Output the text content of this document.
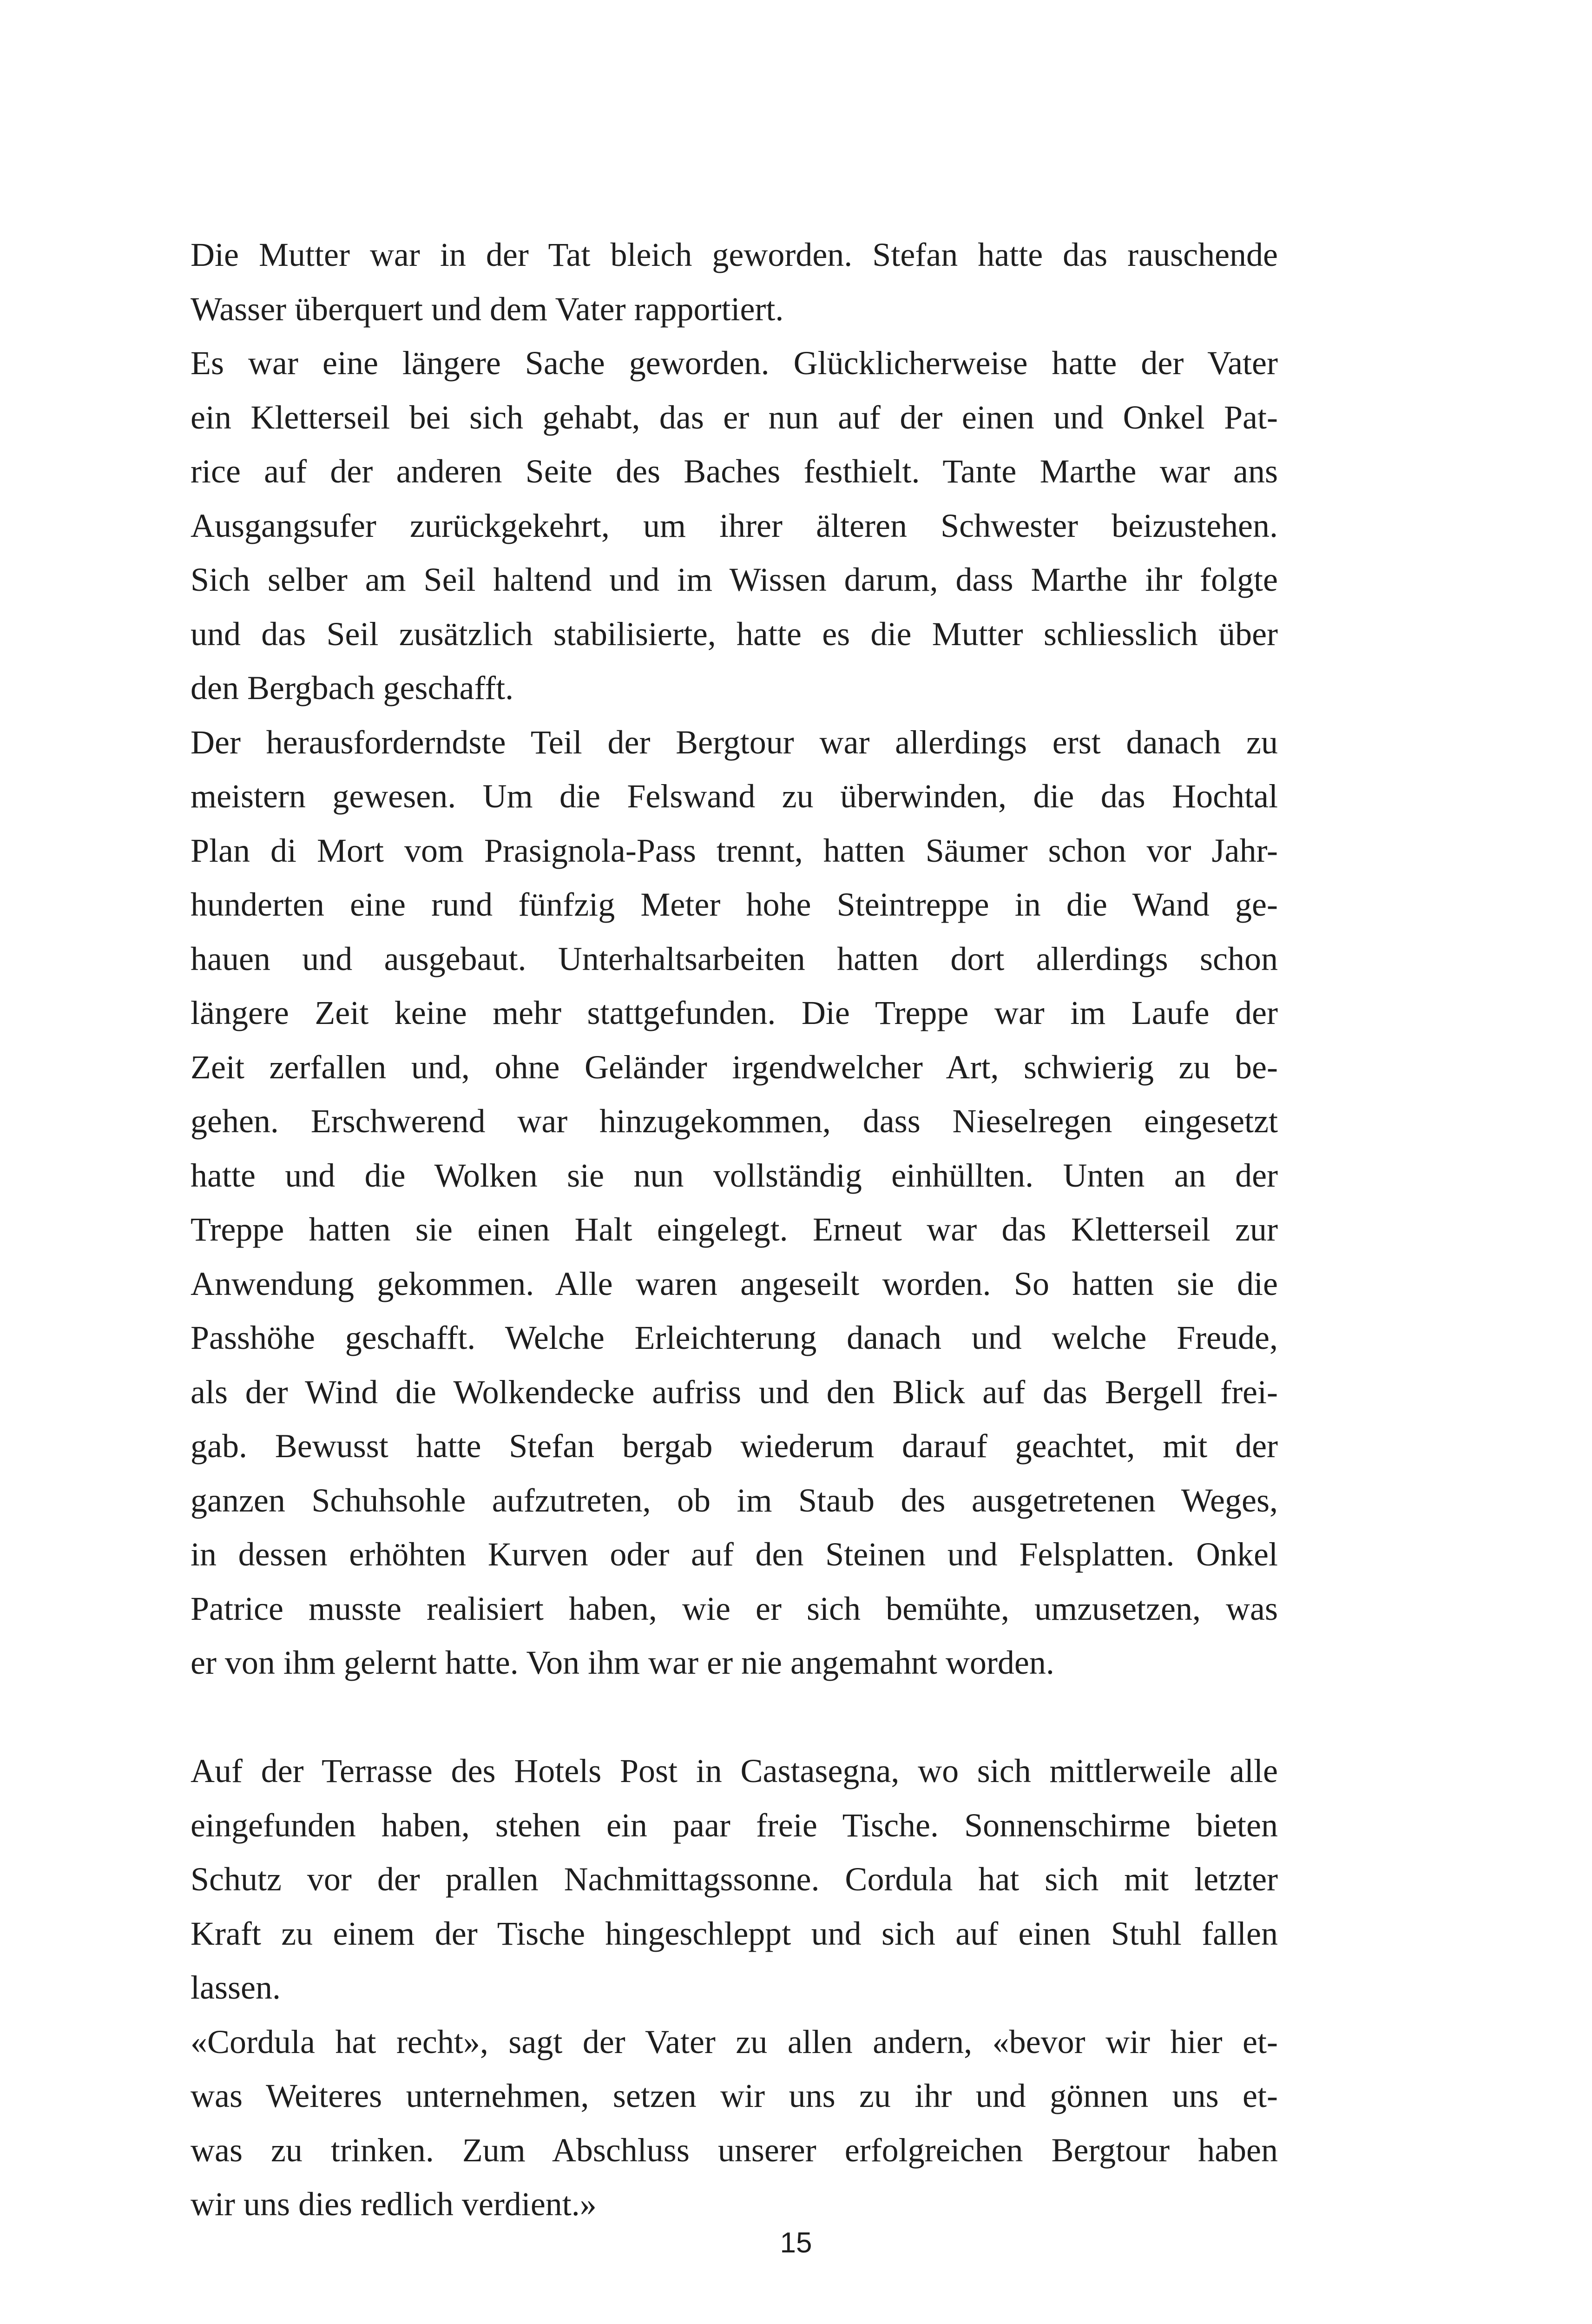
Die Mutter war in der Tat bleich geworden. Stefan hatte das rauschende
Wasser überquert und dem Vater rapportiert.
Es war eine längere Sache geworden. Glücklicherweise hatte der Vater
ein Kletterseil bei sich gehabt, das er nun auf der einen und Onkel Pat-
rice auf der anderen Seite des Baches festhielt. Tante Marthe war ans
Ausgangsufer zurückgekehrt, um ihrer älteren Schwester beizustehen.
Sich selber am Seil haltend und im Wissen darum, dass Marthe ihr folgte
und das Seil zusätzlich stabilisierte, hatte es die Mutter schliesslich über
den Bergbach geschafft.
Der herausforderndste Teil der Bergtour war allerdings erst danach zu
meistern gewesen. Um die Felswand zu überwinden, die das Hochtal
Plan di Mort vom Prasignola-Pass trennt, hatten Säumer schon vor Jahr-
hunderten eine rund fünfzig Meter hohe Steintreppe in die Wand ge-
hauen und ausgebaut. Unterhaltsarbeiten hatten dort allerdings schon
längere Zeit keine mehr stattgefunden. Die Treppe war im Laufe der
Zeit zerfallen und, ohne Geländer irgendwelcher Art, schwierig zu be-
gehen. Erschwerend war hinzugekommen, dass Nieselregen eingesetzt
hatte und die Wolken sie nun vollständig einhüllten. Unten an der
Treppe hatten sie einen Halt eingelegt. Erneut war das Kletterseil zur
Anwendung gekommen. Alle waren angeseilt worden. So hatten sie die
Passhöhe geschafft. Welche Erleichterung danach und welche Freude,
als der Wind die Wolkendecke aufriss und den Blick auf das Bergell frei-
gab. Bewusst hatte Stefan bergab wiederum darauf geachtet, mit der
ganzen Schuhsohle aufzutreten, ob im Staub des ausgetretenen Weges,
in dessen erhöhten Kurven oder auf den Steinen und Felsplatten. Onkel
Patrice musste realisiert haben, wie er sich bemühte, umzusetzen, was
er von ihm gelernt hatte. Von ihm war er nie angemahnt worden.
Auf der Terrasse des Hotels Post in Castasegna, wo sich mittlerweile alle
eingefunden haben, stehen ein paar freie Tische. Sonnenschirme bieten
Schutz vor der prallen Nachmittagssonne. Cordula hat sich mit letzter
Kraft zu einem der Tische hingeschleppt und sich auf einen Stuhl fallen
lassen.
«Cordula hat recht», sagt der Vater zu allen andern, «bevor wir hier et-
was Weiteres unternehmen, setzen wir uns zu ihr und gönnen uns et-
was zu trinken. Zum Abschluss unserer erfolgreichen Bergtour haben
wir uns dies redlich verdient.»
15
